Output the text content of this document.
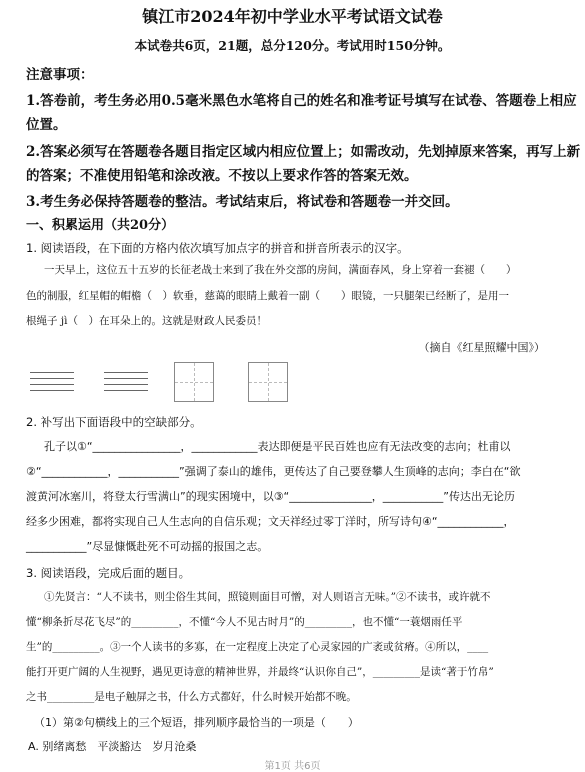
镇江市2024年初中学业水平考试语文试卷
本试卷共6页，21题，总分120分。考试用时150分钟。
注意事项：
1.答卷前，考生务必用0.5毫米黑色水笔将自己的姓名和准考证号填写在试卷、答题卷上相应
位置。
2.答案必须写在答题卷各题目指定区域内相应位置上；如需改动，先划掉原来答案，再写上新
的答案；不准使用铅笔和涂改液。不按以上要求作答的答案无效。
3.考生务必保持答题卷的整洁。考试结束后，将试卷和答题卷一并交回。
一、积累运用（共20分）
1. 阅读语段，在下面的方格内依次填写加点字的拼音和拼音所表示的汉字。
一天早上，这位五十五岁的长征老战士来到了我在外交部的房间，满面春风，身上穿着一套褪（　　）
色的制服，红星帽的帽檐（　）软垂，慈蔼的眼睛上戴着一副（　　）眼镜，一只腿架已经断了，是用一
根绳子 jì（　）在耳朵上的。这就是财政人民委员！
（摘自《红星照耀中国》）
2. 补写出下面语段中的空缺部分。
孔子以①“________________，____________表达即便是平民百姓也应有无法改变的志向；杜甫以
②“____________，___________”强调了泰山的雄伟，更传达了自己要登攀人生顶峰的志向；李白在“欲
渡黄河冰塞川，将登太行雪满山”的现实困境中，以③“_______________，___________”传达出无论历
经多少困难，都将实现自己人生志向的自信乐观；文天祥经过零丁洋时，所写诗句④“____________，
___________”尽显慷慨赴死不可动摇的报国之志。
3. 阅读语段，完成后面的题目。
①先贤言：“人不读书，则尘俗生其间，照镜则面目可憎，对人则语言无味。”②不读书，或许就不
懂“柳条折尽花飞尽”的_________，不懂“今人不见古时月”的_________，也不懂“一蓑烟雨任平
生”的_________。③一个人读书的多寡，在一定程度上决定了心灵家园的广袤或贫瘠。④所以，____
能打开更广阔的人生视野，遇见更诗意的精神世界，并最终“认识你自己”，_________是读“著于竹帛”
之书_________是电子触屏之书，什么方式都好，什么时候开始都不晚。
（1）第②句横线上的三个短语，排列顺序最恰当的一项是（　　）
A. 别绪离愁　平淡豁达　岁月沧桑
第1页 共6页
